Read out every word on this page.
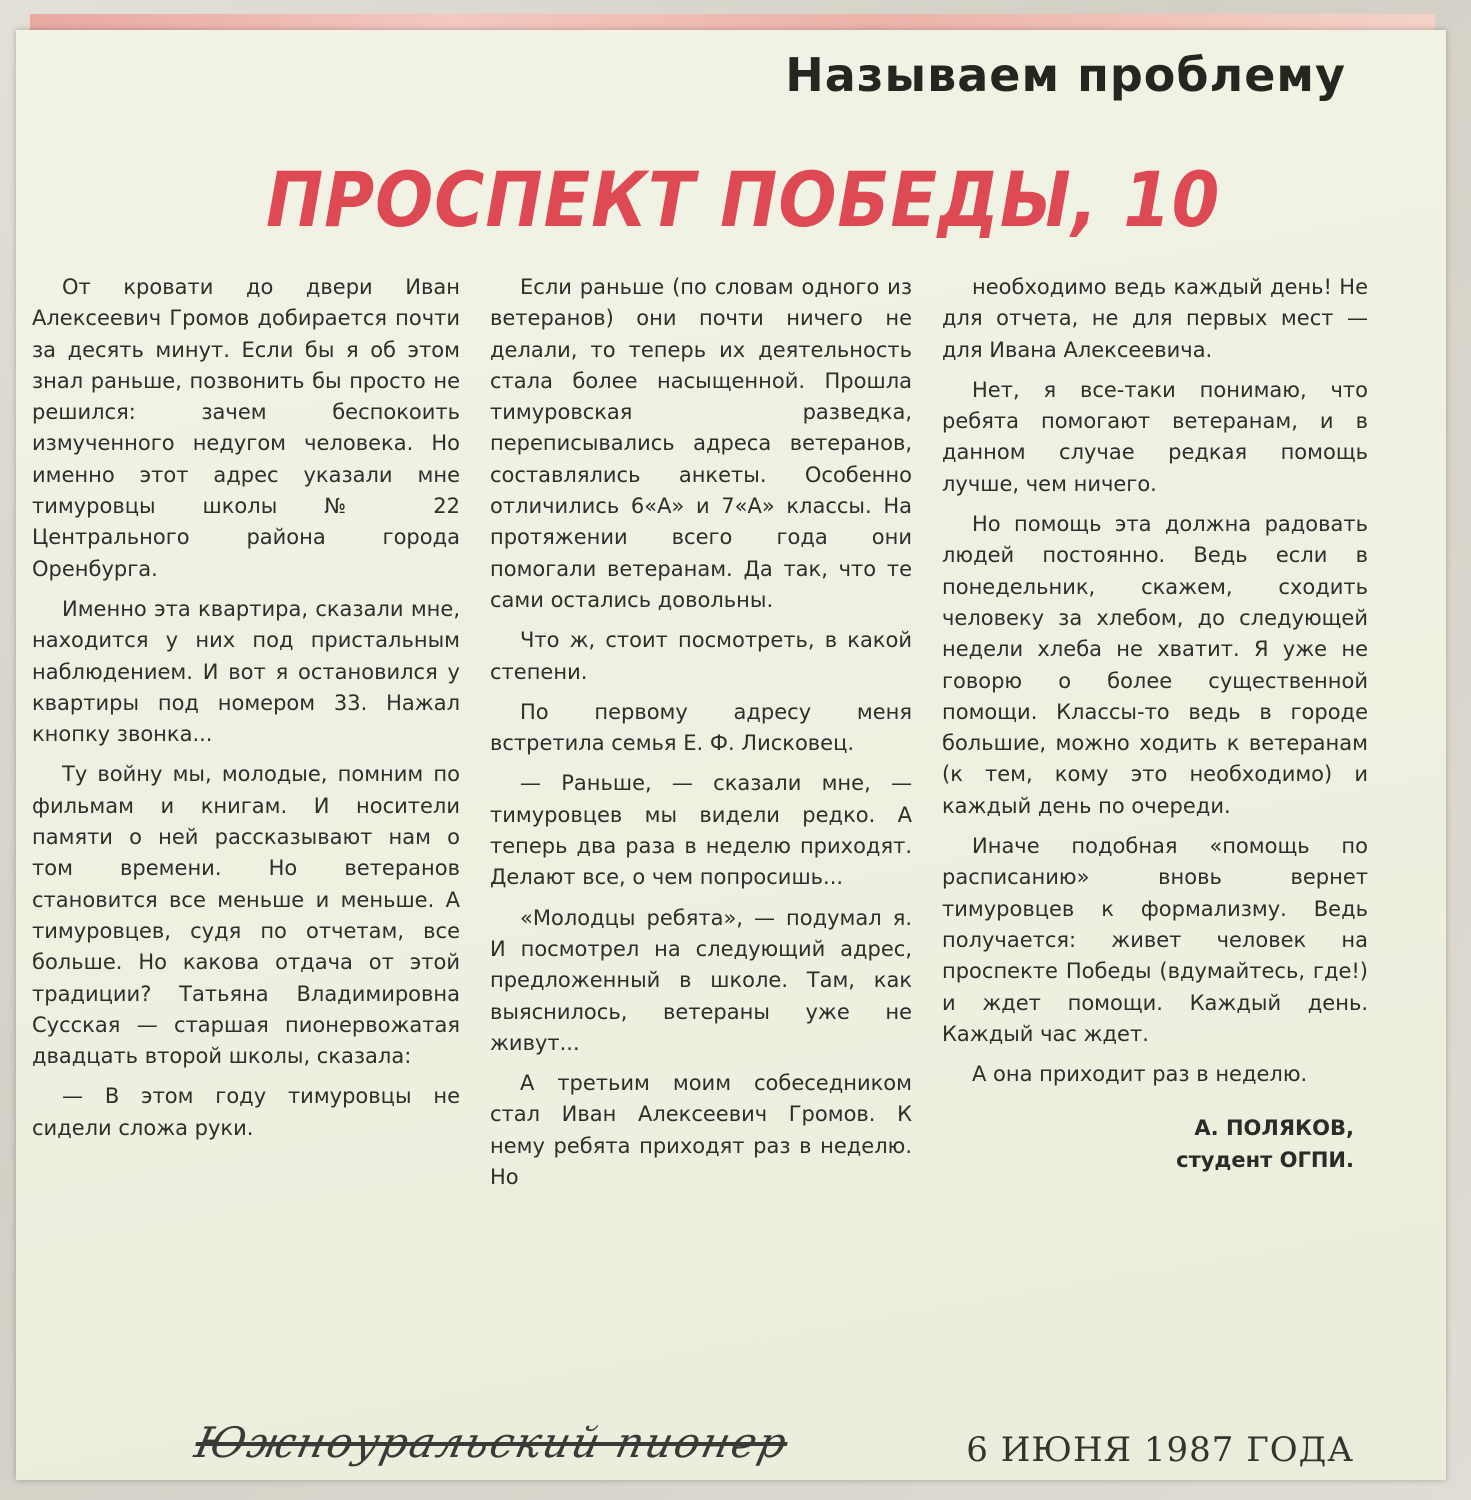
Называем проблему
ПРОСПЕКТ ПОБЕДЫ, 10

От кровати до двери Иван Алексеевич Громов добирается почти за десять минут. Если бы я об этом знал раньше, позвонить бы просто не решился: зачем беспокоить измученного недугом человека. Но именно этот адрес указали мне тимуровцы школы № 22 Центрального района города Оренбурга.

Именно эта квартира, сказали мне, находится у них под пристальным наблюдением. И вот я остановился у квартиры под номером 33. Нажал кнопку звонка...

Ту войну мы, молодые, помним по фильмам и книгам. И носители памяти о ней рассказывают нам о том времени. Но ветеранов становится все меньше и меньше. А тимуровцев, судя по отчетам, все больше. Но какова отдача от этой традиции? Татьяна Владимировна Сусская — старшая пионервожатая двадцать второй школы, сказала:

— В этом году тимуровцы не сидели сложа руки.

Если раньше (по словам одного из ветеранов) они почти ничего не делали, то теперь их деятельность стала более насыщенной. Прошла тимуровская разведка, переписывались адреса ветеранов, составлялись анкеты. Особенно отличились 6«А» и 7«А» классы. На протяжении всего года они помогали ветеранам. Да так, что те сами остались довольны.

Что ж, стоит посмотреть, в какой степени.

По первому адресу меня встретила семья Е. Ф. Лисковец.

— Раньше, — сказали мне, — тимуровцев мы видели редко. А теперь два раза в неделю приходят. Делают все, о чем попросишь...

«Молодцы ребята», — подумал я. И посмотрел на следующий адрес, предложенный в школе. Там, как выяснилось, ветераны уже не живут...

А третьим моим собеседником стал Иван Алексеевич Громов. К нему ребята приходят раз в неделю. Но

необходимо ведь каждый день! Не для отчета, не для первых мест — для Ивана Алексеевича.

Нет, я все-таки понимаю, что ребята помогают ветеранам, и в данном случае редкая помощь лучше, чем ничего.

Но помощь эта должна радовать людей постоянно. Ведь если в понедельник, скажем, сходить человеку за хлебом, до следующей недели хлеба не хватит. Я уже не говорю о более существенной помощи. Классы-то ведь в городе большие, можно ходить к ветеранам (к тем, кому это необходимо) и каждый день по очереди.

Иначе подобная «помощь по расписанию» вновь вернет тимуровцев к формализму. Ведь получается: живет человек на проспекте Победы (вдумайтесь, где!) и ждет помощи. Каждый день. Каждый час ждет.

А она приходит раз в неделю.

А. ПОЛЯКОВ,
студент ОГПИ.
Южноуральский пионер	6 ИЮНЯ 1987 ГОДА
